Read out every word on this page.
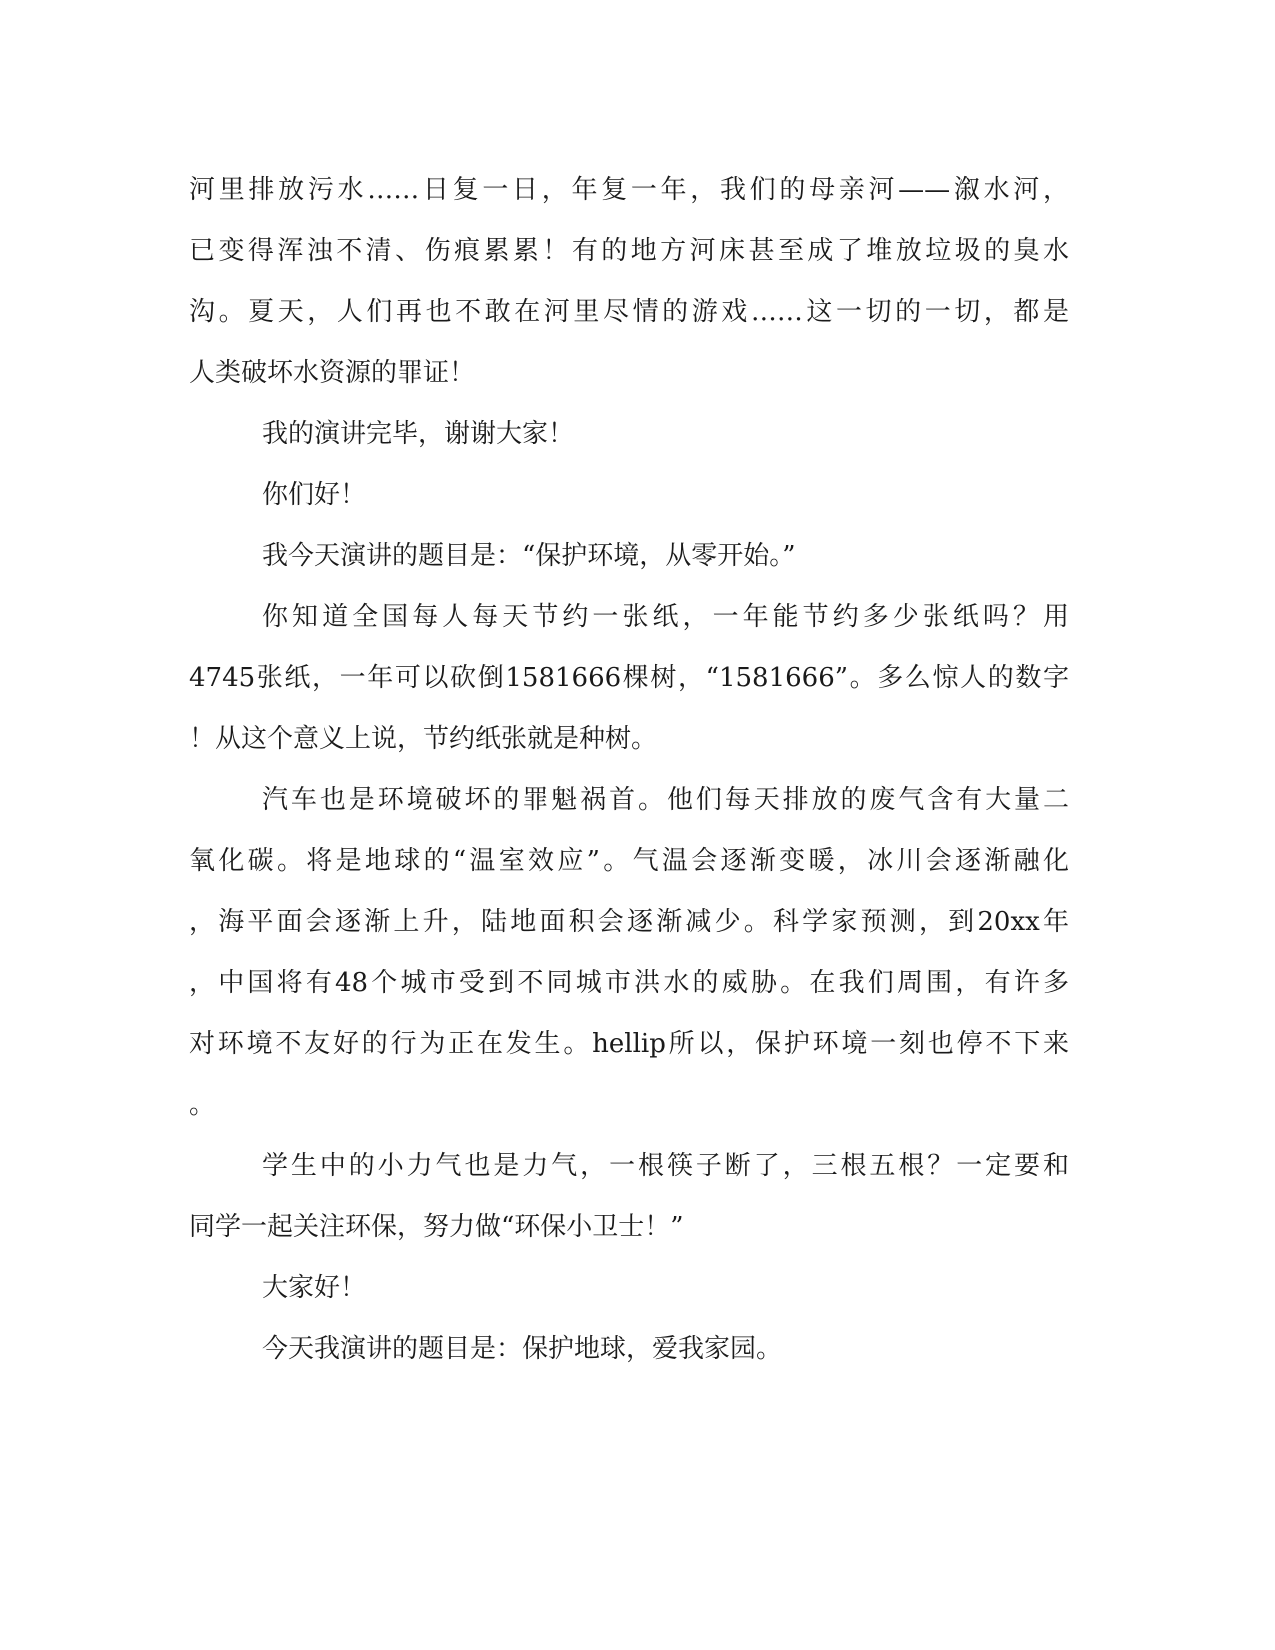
河里排放污水……日复一日，年复一年，我们的母亲河——溆水河，
已变得浑浊不清、伤痕累累！有的地方河床甚至成了堆放垃圾的臭水
沟。夏天，人们再也不敢在河里尽情的游戏……这一切的一切，都是
人类破坏水资源的罪证！
我的演讲完毕，谢谢大家！
你们好！
我今天演讲的题目是：“保护环境，从零开始。”
你知道全国每人每天节约一张纸，一年能节约多少张纸吗？用
4745张纸，一年可以砍倒1581666棵树，“1581666”。多么惊人的数字
！从这个意义上说，节约纸张就是种树。
汽车也是环境破坏的罪魁祸首。他们每天排放的废气含有大量二
氧化碳。将是地球的“温室效应”。气温会逐渐变暖，冰川会逐渐融化
，海平面会逐渐上升，陆地面积会逐渐减少。科学家预测，到20xx年
，中国将有48个城市受到不同城市洪水的威胁。在我们周围，有许多
对环境不友好的行为正在发生。hellip所以，保护环境一刻也停不下来
。
学生中的小力气也是力气，一根筷子断了，三根五根？一定要和
同学一起关注环保，努力做“环保小卫士！”
大家好！
今天我演讲的题目是：保护地球，爱我家园。
